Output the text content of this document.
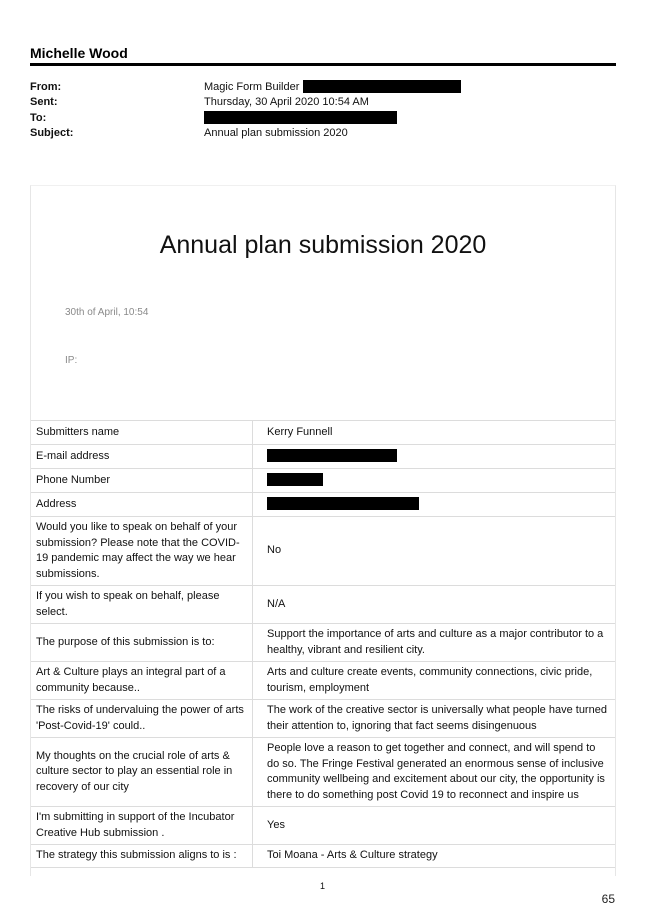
Michelle Wood
From:	Magic Form Builder
Sent:	Thursday, 30 April 2020 10:54 AM
To:
Subject:	Annual plan submission 2020
Annual plan submission 2020
30th of April, 10:54
IP:
Submitters name	Kerry Funnell
E-mail address	
Phone Number	
Address	
Would you like to speak on behalf of your submission? Please note that the COVID-19 pandemic may affect the way we hear submissions.	No
If you wish to speak on behalf, please select.	N/A
The purpose of this submission is to:	Support the importance of arts and culture as a major contributor to a healthy, vibrant and resilient city.
Art & Culture plays an integral part of a community because..	Arts and culture create events, community connections, civic pride, tourism, employment
The risks of undervaluing the power of arts 'Post-Covid-19' could..	The work of the creative sector is universally what people have turned their attention to, ignoring that fact seems disingenuous
My thoughts on the crucial role of arts & culture sector to play an essential role in recovery of our city	People love a reason to get together and connect, and will spend to do so. The Fringe Festival generated an enormous sense of inclusive community wellbeing and excitement about our city, the opportunity is there to do something post Covid 19 to reconnect and inspire us
I'm submitting in support of the Incubator Creative Hub submission .	Yes
The strategy this submission aligns to is :	Toi Moana - Arts & Culture strategy
1
65
